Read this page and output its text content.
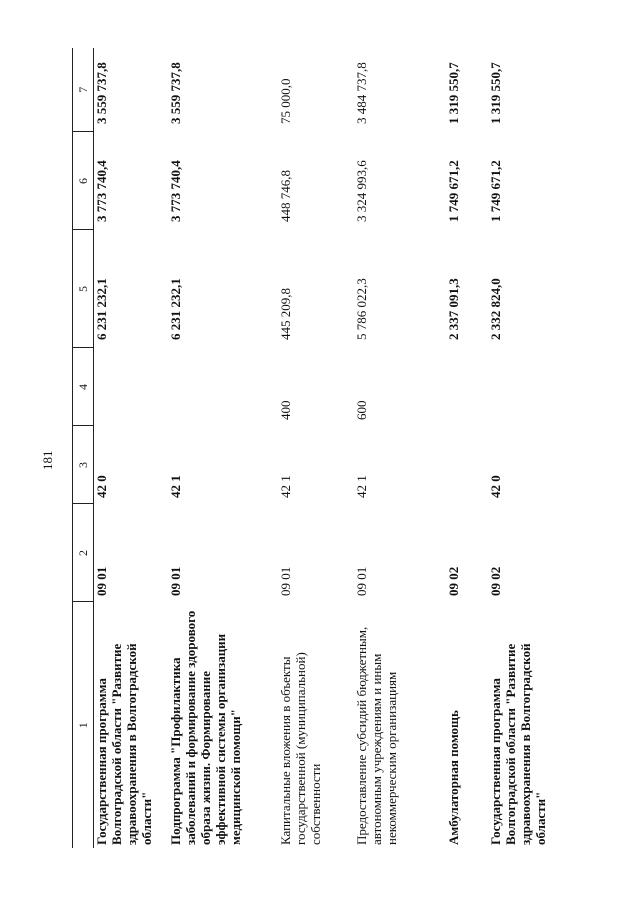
181
1	2	3	4	5	6	7
Государственная программа Волгоградской области "Развитие здравоохранения в Волгоградской области"	09 01	42 0		6 231 232,1	3 773 740,4	3 559 737,8
Подпрограмма "Профилактика заболеваний и формирование здорового образа жизни. Формирование эффективной системы организации медицинской помощи"	09 01	42 1		6 231 232,1	3 773 740,4	3 559 737,8
Капитальные вложения в объекты государственной (муниципальной) собственности	09 01	42 1	400	445 209,8	448 746,8	75 000,0
Предоставление субсидий бюджетным, автономным учреждениям и иным некоммерческим организациям	09 01	42 1	600	5 786 022,3	3 324 993,6	3 484 737,8
Амбулаторная помощь	09 02			2 337 091,3	1 749 671,2	1 319 550,7
Государственная программа Волгоградской области "Развитие здравоохранения в Волгоградской области"	09 02	42 0		2 332 824,0	1 749 671,2	1 319 550,7
